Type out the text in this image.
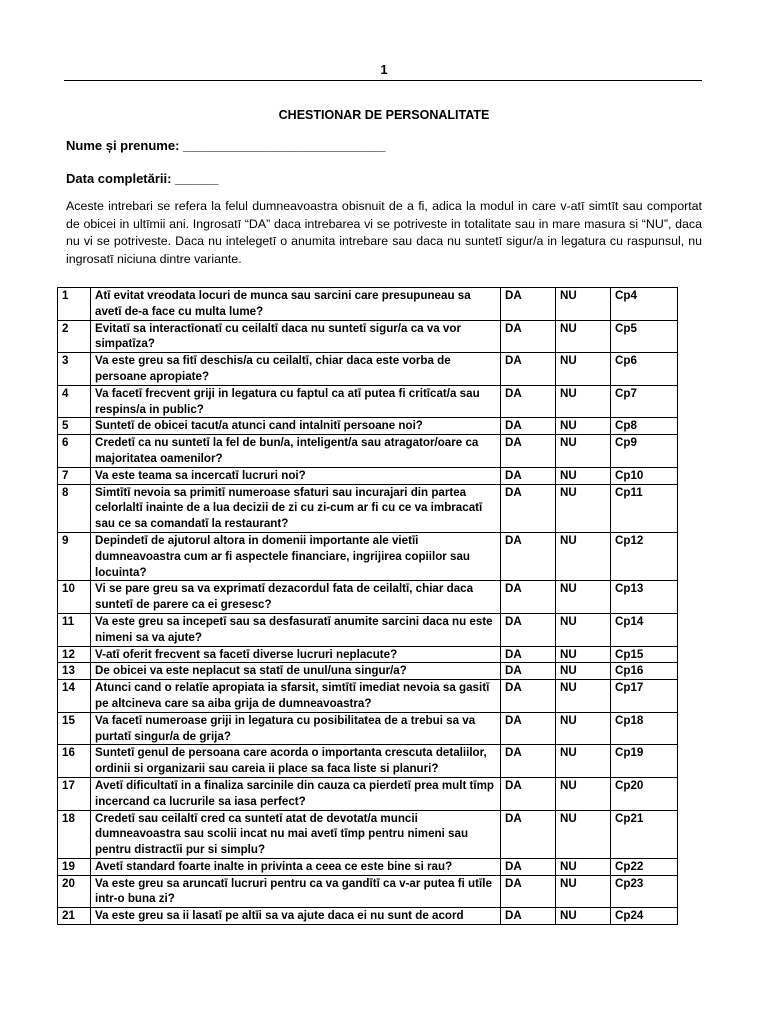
1
CHESTIONAR DE PERSONALITATE
Nume și prenume: ____________________________
Data completării: ______
Aceste intrebari se refera la felul dumneavoastra obisnuit de a fi, adica la modul in care v-atī simtīt sau comportat de obicei in ultīmii ani. Ingrosatī “DA” daca intrebarea vi se potriveste in totalitate sau in mare masura si “NU”, daca nu vi se potriveste. Daca nu intelegetī o anumita intrebare sau daca nu suntetī sigur/a in legatura cu raspunsul, nu ingrosatī niciuna dintre variante.
1	Atī evitat vreodata locuri de munca sau sarcini care presupuneau sa avetī de-a face cu multa lume?	DA	NU	Cp4
2	Evitatī sa interactīonatī cu ceilaltī daca nu suntetī sigur/a ca va vor simpatīza?	DA	NU	Cp5
3	Va este greu sa fitī deschis/a cu ceilaltī, chiar daca este vorba de persoane apropiate?	DA	NU	Cp6
4	Va facetī frecvent griji in legatura cu faptul ca atī putea fi critīcat/a sau respins/a in public?	DA	NU	Cp7
5	Suntetī de obicei tacut/a atunci cand intalnitī persoane noi?	DA	NU	Cp8
6	Credetī ca nu suntetī la fel de bun/a, inteligent/a sau atragator/oare ca majoritatea oamenilor?	DA	NU	Cp9
7	Va este teama sa incercatī lucruri noi?	DA	NU	Cp10
8	Simtītī nevoia sa primitī numeroase sfaturi sau incurajari din partea celorlaltī inainte de a lua decizii de zi cu zi-cum ar fi cu ce va imbracatī sau ce sa comandatī la restaurant?	DA	NU	Cp11
9	Depindetī de ajutorul altora in domenii importante ale vietīi dumneavoastra cum ar fi aspectele financiare, ingrijirea copiilor sau locuinta?	DA	NU	Cp12
10	Vi se pare greu sa va exprimatī dezacordul fata de ceilaltī, chiar daca suntetī de parere ca ei gresesc?	DA	NU	Cp13
11	Va este greu sa incepetī sau sa desfasuratī anumite sarcini daca nu este nimeni sa va ajute?	DA	NU	Cp14
12	V-atī oferit frecvent sa facetī diverse lucruri neplacute?	DA	NU	Cp15
13	De obicei va este neplacut sa statī de unul/una singur/a?	DA	NU	Cp16
14	Atunci cand o relatīe apropiata ia sfarsit, simtītī imediat nevoia sa gasitī pe altcineva care sa aiba grija de dumneavoastra?	DA	NU	Cp17
15	Va facetī numeroase griji in legatura cu posibilitatea de a trebui sa va purtatī singur/a de grija?	DA	NU	Cp18
16	Suntetī genul de persoana care acorda o importanta crescuta detaliilor, ordinii si organizarii sau careia ii place sa faca liste si planuri?	DA	NU	Cp19
17	Avetī dificultatī in a finaliza sarcinile din cauza ca pierdetī prea mult tīmp incercand ca lucrurile sa iasa perfect?	DA	NU	Cp20
18	Credetī sau ceilaltī cred ca suntetī atat de devotat/a muncii dumneavoastra sau scolii incat nu mai avetī tīmp pentru nimeni sau pentru distractīi pur si simplu?	DA	NU	Cp21
19	Avetī standard foarte inalte in privinta a ceea ce este bine si rau?	DA	NU	Cp22
20	Va este greu sa aruncatī lucruri pentru ca va gandītī ca v-ar putea fi utīle intr-o buna zi?	DA	NU	Cp23
21	Va este greu sa ii lasatī pe altīi sa va ajute daca ei nu sunt de acord	DA	NU	Cp24
